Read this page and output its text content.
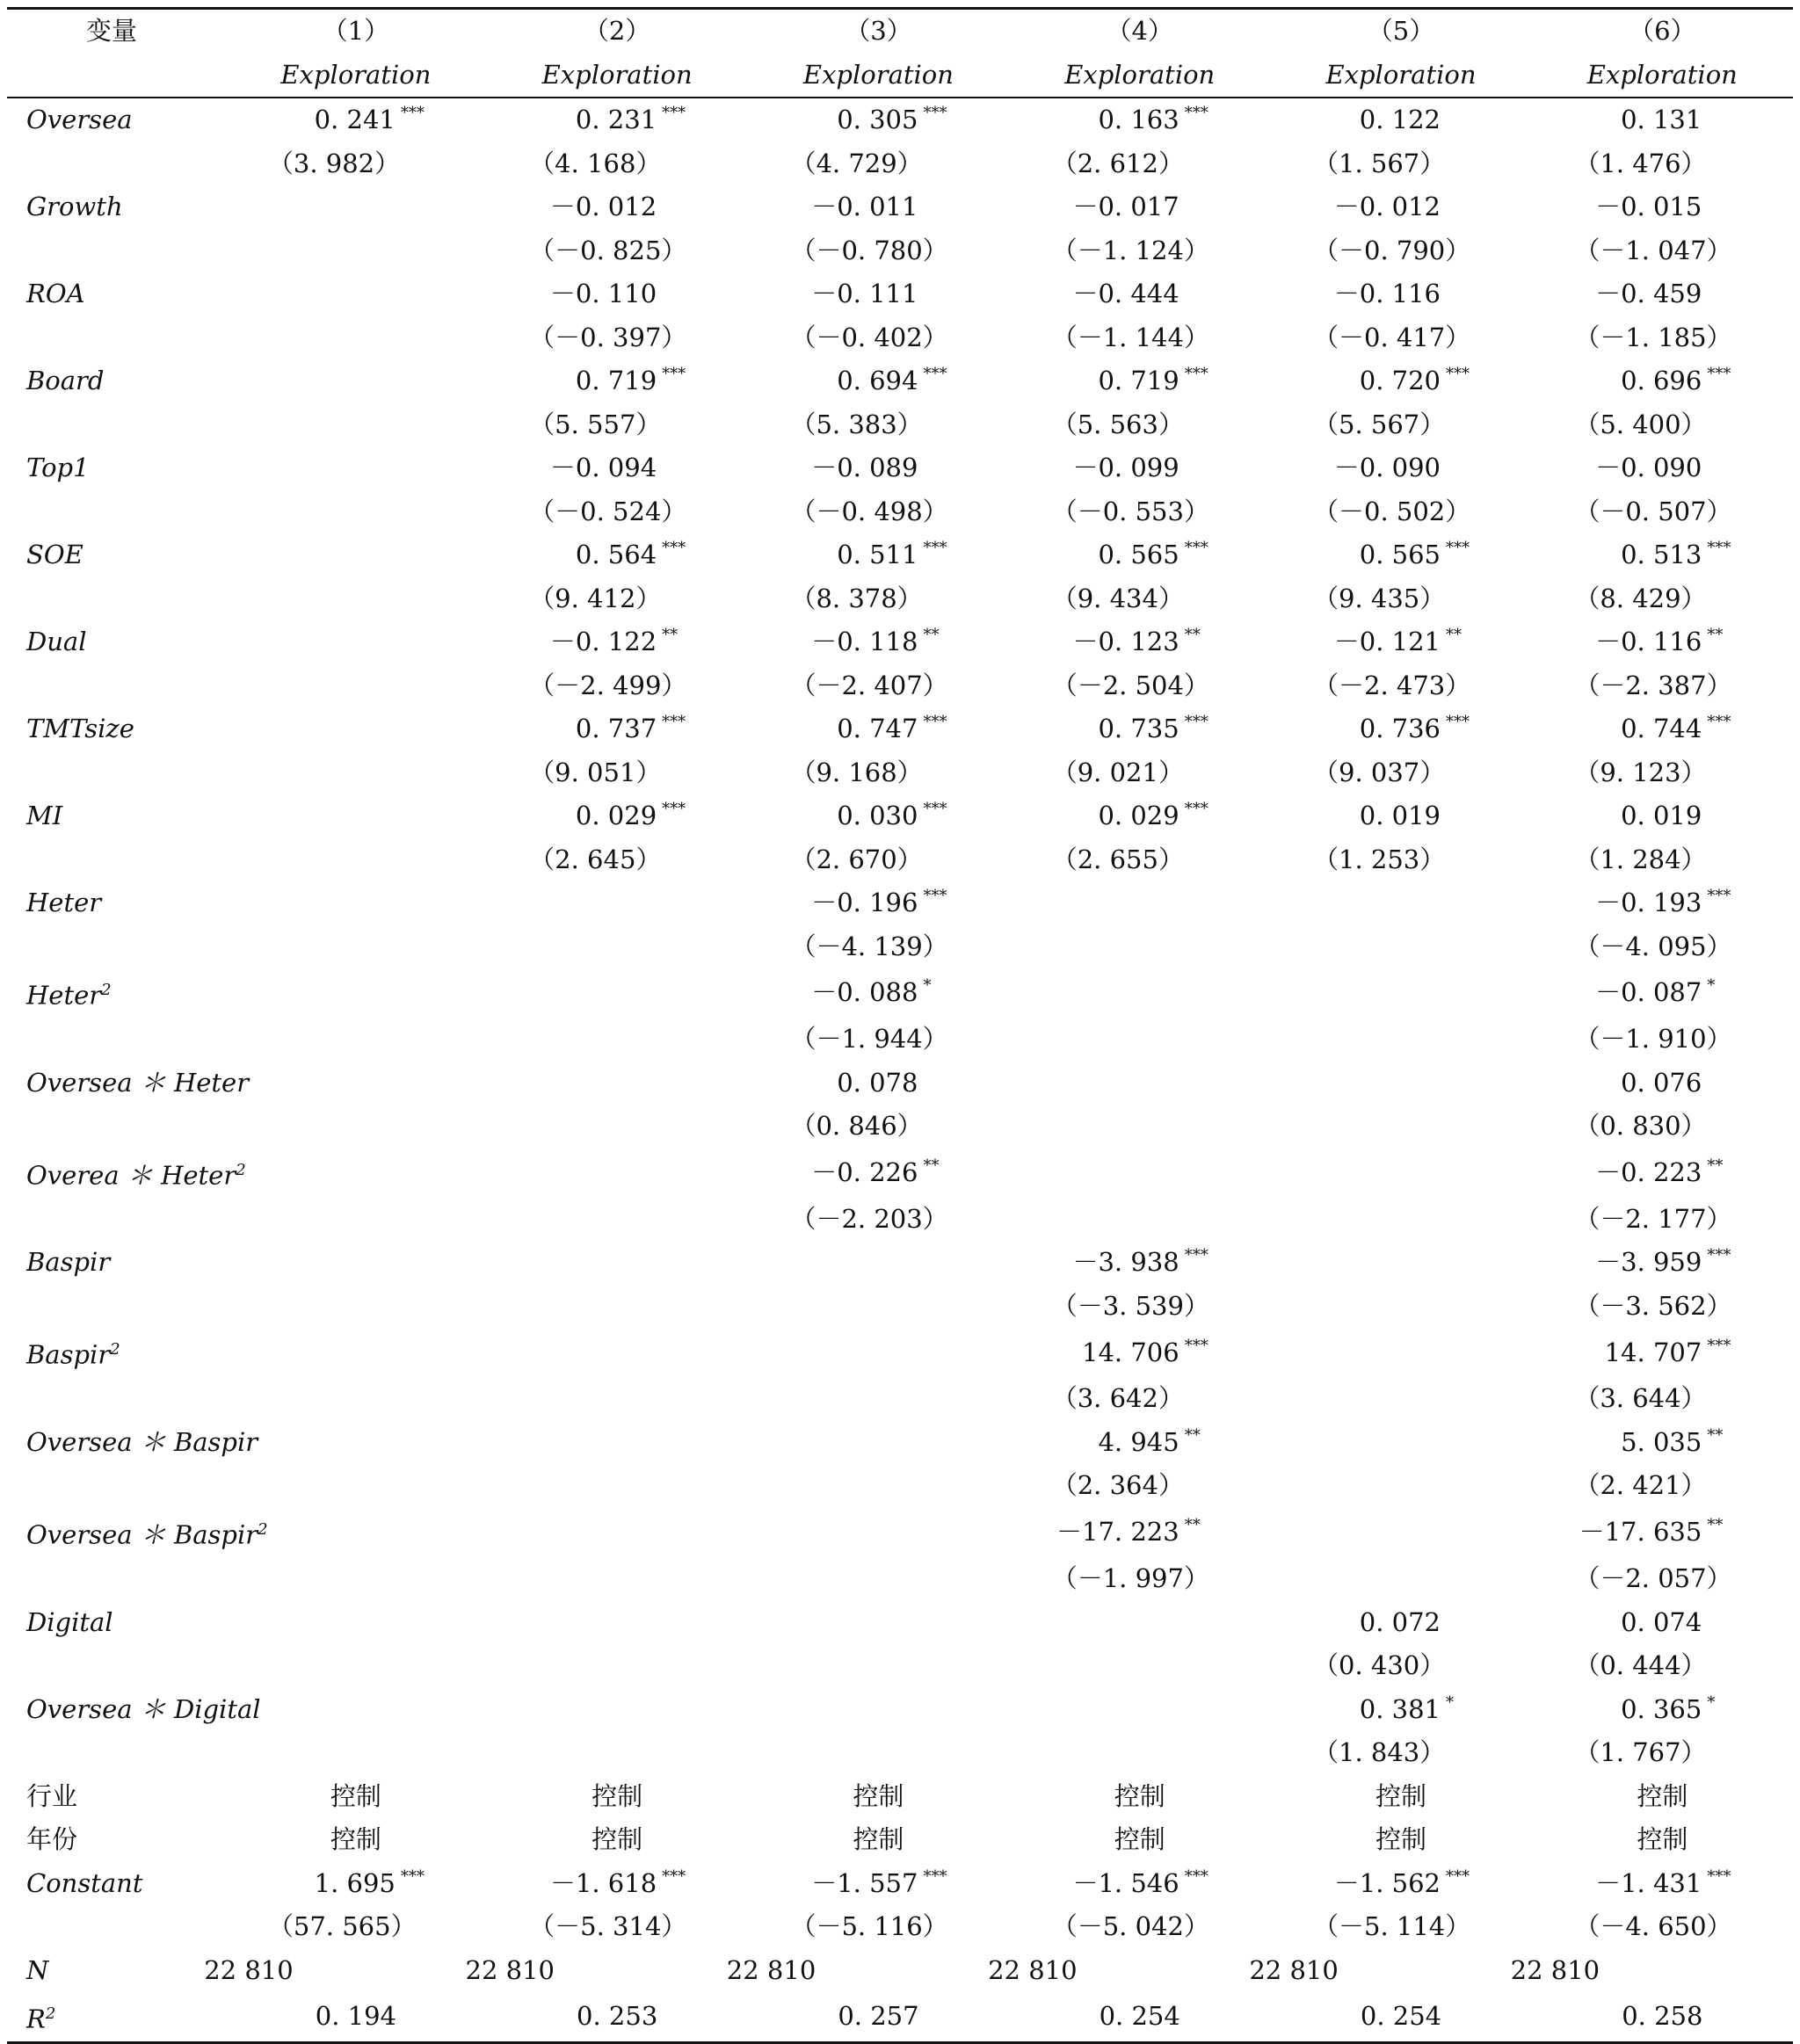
变量	（1）	（2）	（3）	（4）	（5）	（6）
	Exploration	Exploration	Exploration	Exploration	Exploration	Exploration
Oversea	0. 241 ***	0. 231 ***	0. 305 ***	0. 163 ***	0. 122	0. 131
	（3. 982）	（4. 168）	（4. 729）	（2. 612）	（1. 567）	（1. 476）
Growth		－0. 012	－0. 011	－0. 017	－0. 012	－0. 015
		（－0. 825）	（－0. 780）	（－1. 124）	（－0. 790）	（－1. 047）
ROA		－0. 110	－0. 111	－0. 444	－0. 116	－0. 459
		（－0. 397）	（－0. 402）	（－1. 144）	（－0. 417）	（－1. 185）
Board		0. 719 ***	0. 694 ***	0. 719 ***	0. 720 ***	0. 696 ***
		（5. 557）	（5. 383）	（5. 563）	（5. 567）	（5. 400）
Top1		－0. 094	－0. 089	－0. 099	－0. 090	－0. 090
		（－0. 524）	（－0. 498）	（－0. 553）	（－0. 502）	（－0. 507）
SOE		0. 564 ***	0. 511 ***	0. 565 ***	0. 565 ***	0. 513 ***
		（9. 412）	（8. 378）	（9. 434）	（9. 435）	（8. 429）
Dual		－0. 122 **	－0. 118 **	－0. 123 **	－0. 121 **	－0. 116 **
		（－2. 499）	（－2. 407）	（－2. 504）	（－2. 473）	（－2. 387）
TMTsize		0. 737 ***	0. 747 ***	0. 735 ***	0. 736 ***	0. 744 ***
		（9. 051）	（9. 168）	（9. 021）	（9. 037）	（9. 123）
MI		0. 029 ***	0. 030 ***	0. 029 ***	0. 019	0. 019
		（2. 645）	（2. 670）	（2. 655）	（1. 253）	（1. 284）
Heter			－0. 196 ***			－0. 193 ***
			（－4. 139）			（－4. 095）
Heter$^2$			－0. 088 *			－0. 087 *
			（－1. 944）			（－1. 910）
Oversea ＊ Heter			0. 078			0. 076
			（0. 846）			（0. 830）
Overea ＊ Heter$^2$			－0. 226 **			－0. 223 **
			（－2. 203）			（－2. 177）
Baspir				－3. 938 ***		－3. 959 ***
				（－3. 539）		（－3. 562）
Baspir$^2$				14. 706 ***		14. 707 ***
				（3. 642）		（3. 644）
Oversea ＊ Baspir				4. 945 **		5. 035 **
				（2. 364）		（2. 421）
Oversea ＊ Baspir$^2$				－17. 223 **		－17. 635 **
				（－1. 997）		（－2. 057）
Digital					0. 072	0. 074
					（0. 430）	（0. 444）
Oversea ＊ Digital					0. 381 *	0. 365 *
					（1. 843）	（1. 767）
行业	控制	控制	控制	控制	控制	控制
年份	控制	控制	控制	控制	控制	控制
Constant	1. 695 ***	－1. 618 ***	－1. 557 ***	－1. 546 ***	－1. 562 ***	－1. 431 ***
	（57. 565）	（－5. 314）	（－5. 116）	（－5. 042）	（－5. 114）	（－4. 650）
N	22 810	22 810	22 810	22 810	22 810	22 810
$R^2$	0. 194	0. 253	0. 257	0. 254	0. 254	0. 258
